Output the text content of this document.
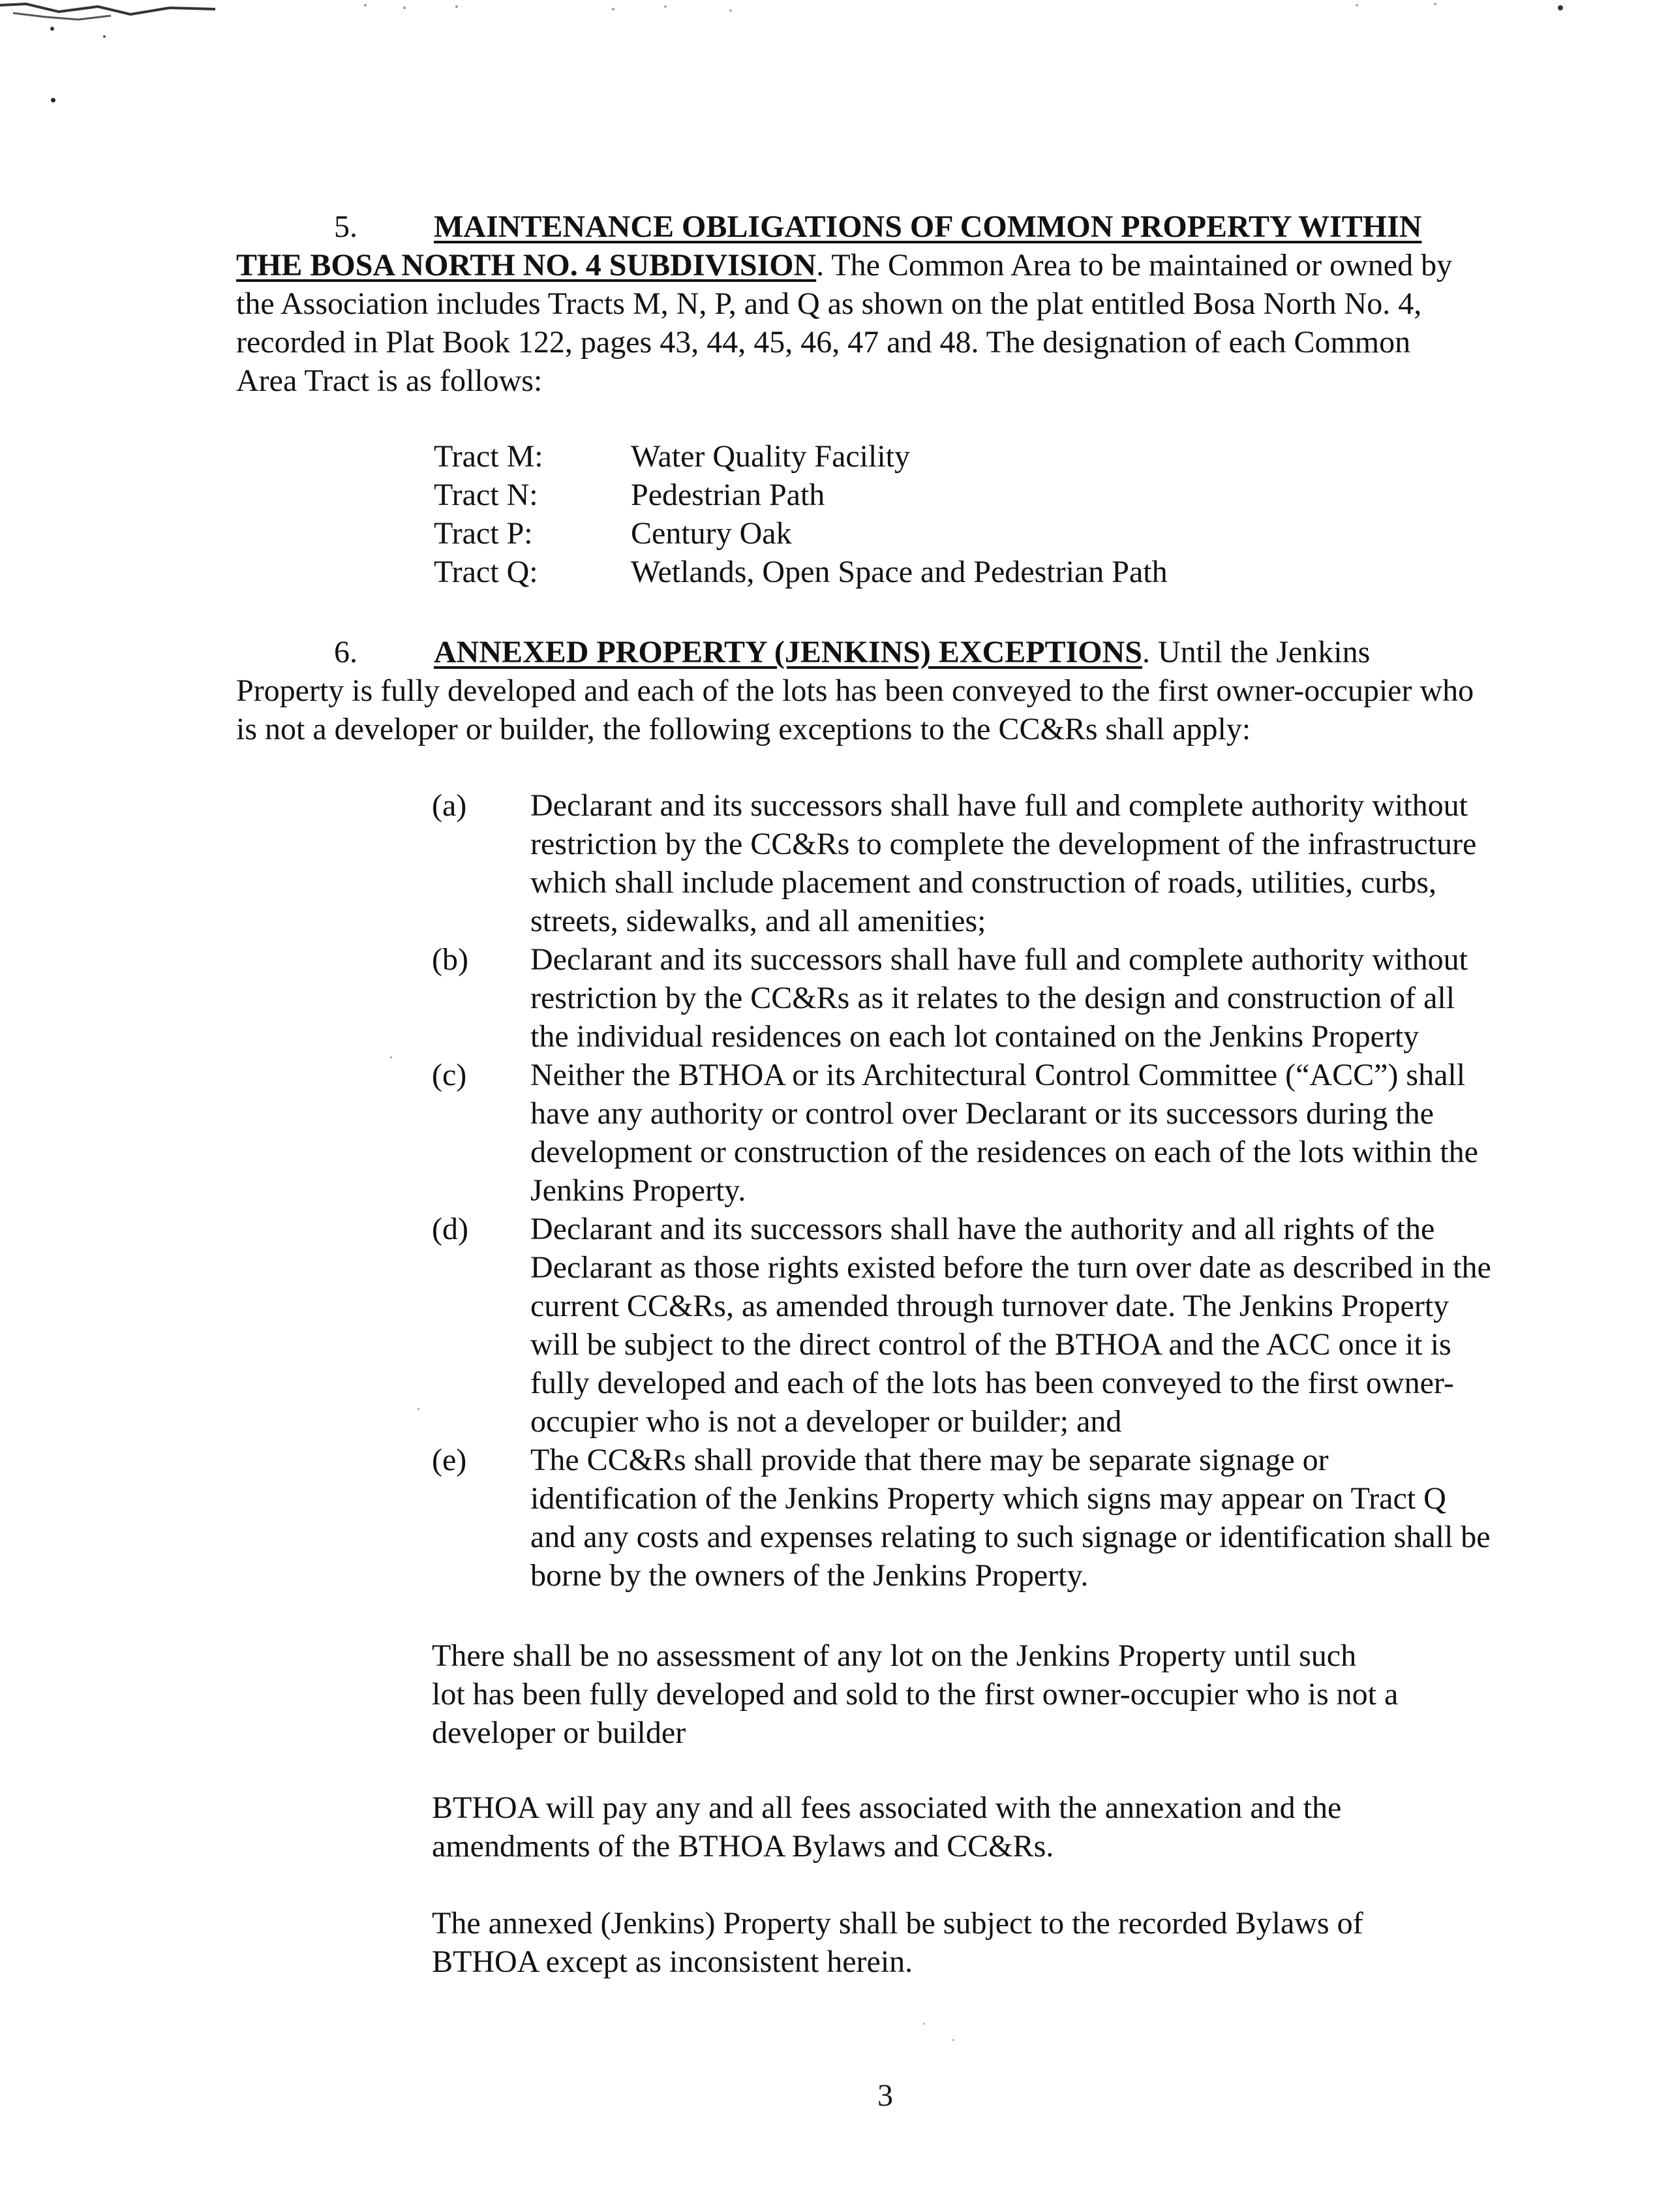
5. MAINTENANCE OBLIGATIONS OF COMMON PROPERTY WITHIN
THE BOSA NORTH NO. 4 SUBDIVISION. The Common Area to be maintained or owned by
the Association includes Tracts M, N, P, and Q as shown on the plat entitled Bosa North No. 4,
recorded in Plat Book 122, pages 43, 44, 45, 46, 47 and 48. The designation of each Common
Area Tract is as follows:
Tract M:	Water Quality Facility
Tract N:	Pedestrian Path
Tract P:	Century Oak
Tract Q:	Wetlands, Open Space and Pedestrian Path
6. ANNEXED PROPERTY (JENKINS) EXCEPTIONS. Until the Jenkins
Property is fully developed and each of the lots has been conveyed to the first owner-occupier who
is not a developer or builder, the following exceptions to the CC&Rs shall apply:
(a) Declarant and its successors shall have full and complete authority without
restriction by the CC&Rs to complete the development of the infrastructure
which shall include placement and construction of roads, utilities, curbs,
streets, sidewalks, and all amenities;
(b) Declarant and its successors shall have full and complete authority without
restriction by the CC&Rs as it relates to the design and construction of all
the individual residences on each lot contained on the Jenkins Property
(c) Neither the BTHOA or its Architectural Control Committee (“ACC”) shall
have any authority or control over Declarant or its successors during the
development or construction of the residences on each of the lots within the
Jenkins Property.
(d) Declarant and its successors shall have the authority and all rights of the
Declarant as those rights existed before the turn over date as described in the
current CC&Rs, as amended through turnover date. The Jenkins Property
will be subject to the direct control of the BTHOA and the ACC once it is
fully developed and each of the lots has been conveyed to the first owner-
occupier who is not a developer or builder; and
(e) The CC&Rs shall provide that there may be separate signage or
identification of the Jenkins Property which signs may appear on Tract Q
and any costs and expenses relating to such signage or identification shall be
borne by the owners of the Jenkins Property.
There shall be no assessment of any lot on the Jenkins Property until such
lot has been fully developed and sold to the first owner-occupier who is not a
developer or builder
BTHOA will pay any and all fees associated with the annexation and the
amendments of the BTHOA Bylaws and CC&Rs.
The annexed (Jenkins) Property shall be subject to the recorded Bylaws of
BTHOA except as inconsistent herein.
3
